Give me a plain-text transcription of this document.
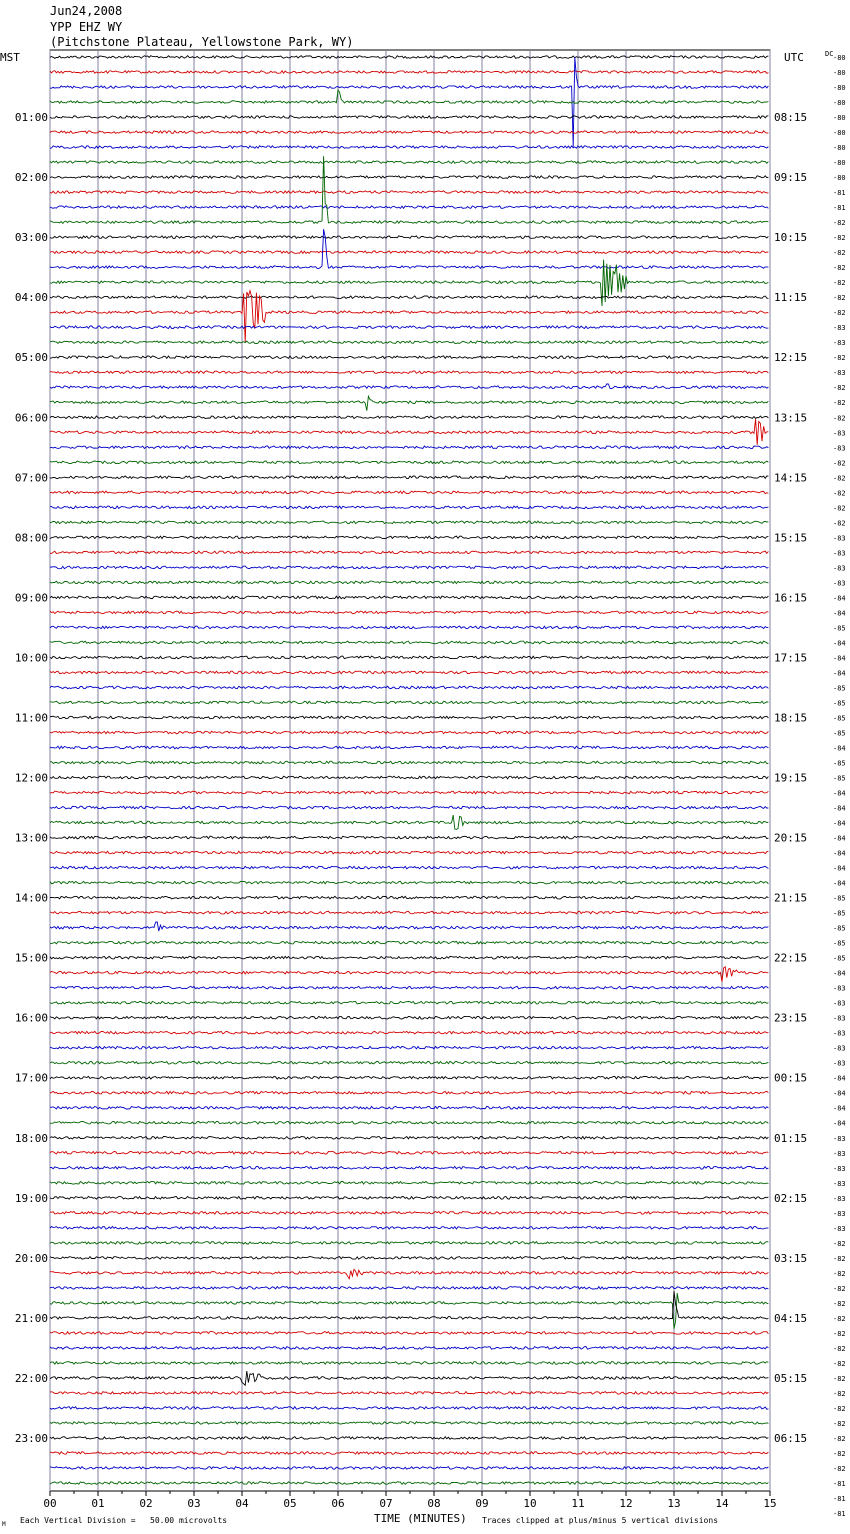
Jun24,2008
YPP EHZ WY
(Pitchstone Plateau, Yellowstone Park, WY)
00	01	02	03	04	05	06	07	08	09	10	11	12	13	14	15
MST	UTC	DC
01:00
02:00
03:00
04:00
05:00
06:00
07:00
08:00
09:00
10:00
11:00
12:00
13:00
14:00
15:00
16:00
17:00
18:00
19:00
20:00
21:00
22:00
23:00
08:15
09:15
10:15
11:15
12:15
13:15
14:15
15:15
16:15
17:15
18:15
19:15
20:15
21:15
22:15
23:15
00:15
01:15
02:15
03:15
04:15
05:15
06:15
-80
-80
-80
-80
-80
-80
-80
-80
-80
-81
-81
-82
-82
-82
-82
-82
-82
-82
-83
-83
-82
-83
-82
-82
-82
-83
-83
-82
-82
-82
-82
-82
-83
-83
-83
-83
-84
-84
-85
-84
-84
-84
-85
-85
-85
-85
-84
-85
-85
-84
-84
-84
-84
-84
-84
-84
-85
-85
-85
-85
-85
-84
-83
-83
-83
-83
-83
-83
-84
-84
-84
-84
-83
-83
-83
-83
-83
-83
-83
-82
-82
-82
-82
-82
-82
-82
-82
-82
-82
-82
-82
-82
-82
-82
-82
-81
-81
-81
TIME (MINUTES)
Each Vertical Division =   50.00 microvolts	Traces clipped at plus/minus 5 vertical divisions
M
